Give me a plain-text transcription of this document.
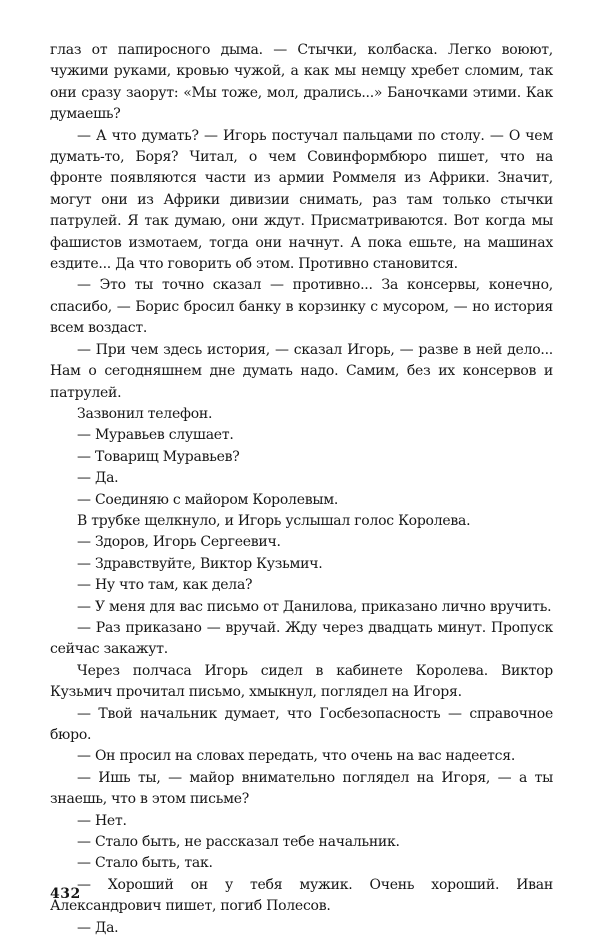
глаз от папиросного дыма. — Стычки, колбаска. Легко воюют, чужими руками, кровью чужой, а как мы немцу хребет сломим, так они сразу заорут: «Мы тоже, мол, дрались...» Баночками этими. Как думаешь?

— А что думать? — Игорь постучал пальцами по столу. — О чем думать-то, Боря? Читал, о чем Совинформбюро пишет, что на фронте появляются части из армии Роммеля из Африки. Значит, могут они из Африки дивизии снимать, раз там только стычки патрулей. Я так думаю, они ждут. Присматриваются. Вот когда мы фашистов измотаем, тогда они начнут. А пока ешьте, на машинах ездите... Да что говорить об этом. Противно становится.

— Это ты точно сказал — противно... За консервы, конечно, спасибо, — Борис бросил банку в корзинку с мусором, — но история всем воздаст.

— При чем здесь история, — сказал Игорь, — разве в ней дело... Нам о сегодняшнем дне думать надо. Самим, без их консервов и патрулей.

Зазвонил телефон.

— Муравьев слушает.

— Товарищ Муравьев?

— Да.

— Соединяю с майором Королевым.

В трубке щелкнуло, и Игорь услышал голос Королева.

— Здоров, Игорь Сергеевич.

— Здравствуйте, Виктор Кузьмич.

— Ну что там, как дела?

— У меня для вас письмо от Данилова, приказано лично вручить.

— Раз приказано — вручай. Жду через двадцать минут. Пропуск сейчас закажут.

Через полчаса Игорь сидел в кабинете Королева. Виктор Кузьмич прочитал письмо, хмыкнул, поглядел на Игоря.

— Твой начальник думает, что Госбезопасность — справочное бюро.

— Он просил на словах передать, что очень на вас надеется.

— Ишь ты, — майор внимательно поглядел на Игоря, — а ты знаешь, что в этом письме?

— Нет.

— Стало быть, не рассказал тебе начальник.

— Стало быть, так.

— Хороший он у тебя мужик. Очень хороший. Иван Александрович пишет, погиб Полесов.

— Да.

432
